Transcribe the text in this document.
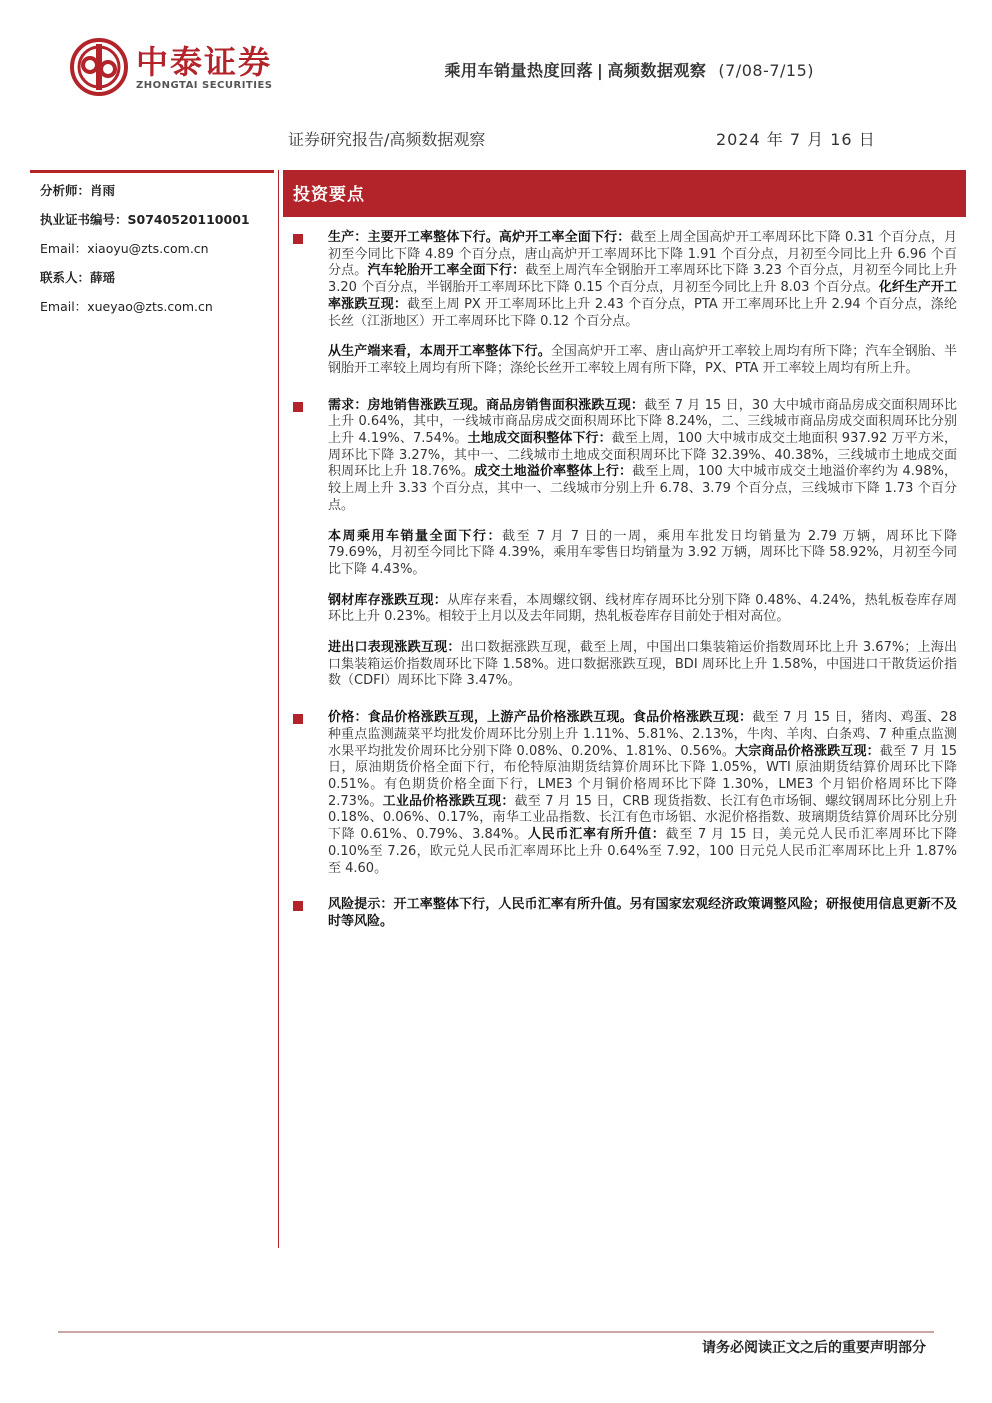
中泰证券
ZHONGTAI SECURITIES
乘用车销量热度回落 | 高频数据观察 (7/08-7/15)
证券研究报告/高频数据观察	2024 年 7 月 16 日
分析师：肖雨
执业证书编号：S0740520110001
Email：xiaoyu@zts.com.cn
联系人：薛瑶
Email：xueyao@zts.com.cn
投资要点

生产：主要开工率整体下行。高炉开工率全面下行：截至上周全国高炉开工率周环比下降 0.31 个百分点，月初至今同比下降 4.89 个百分点，唐山高炉开工率周环比下降 1.91 个百分点，月初至今同比上升 6.96 个百分点。汽车轮胎开工率全面下行：截至上周汽车全钢胎开工率周环比下降 3.23 个百分点，月初至今同比上升 3.20 个百分点，半钢胎开工率周环比下降 0.15 个百分点，月初至今同比上升 8.03 个百分点。化纤生产开工率涨跌互现：截至上周 PX 开工率周环比上升 2.43 个百分点，PTA 开工率周环比上升 2.94 个百分点，涤纶长丝（江浙地区）开工率周环比下降 0.12 个百分点。

从生产端来看，本周开工率整体下行。全国高炉开工率、唐山高炉开工率较上周均有所下降；汽车全钢胎、半钢胎开工率较上周均有所下降；涤纶长丝开工率较上周有所下降，PX、PTA 开工率较上周均有所上升。

需求：房地销售涨跌互现。商品房销售面积涨跌互现：截至 7 月 15 日，30 大中城市商品房成交面积周环比上升 0.64%，其中，一线城市商品房成交面积周环比下降 8.24%，二、三线城市商品房成交面积周环比分别上升 4.19%、7.54%。土地成交面积整体下行：截至上周，100 大中城市成交土地面积 937.92 万平方米，周环比下降 3.27%，其中一、二线城市土地成交面积周环比下降 32.39%、40.38%，三线城市土地成交面积周环比上升 18.76%。成交土地溢价率整体上行：截至上周，100 大中城市成交土地溢价率约为 4.98%，较上周上升 3.33 个百分点，其中一、二线城市分别上升 6.78、3.79 个百分点，三线城市下降 1.73 个百分点。

本周乘用车销量全面下行：截至 7 月 7 日的一周，乘用车批发日均销量为 2.79 万辆，周环比下降 79.69%，月初至今同比下降 4.39%，乘用车零售日均销量为 3.92 万辆，周环比下降 58.92%，月初至今同比下降 4.43%。

钢材库存涨跌互现：从库存来看，本周螺纹钢、线材库存周环比分别下降 0.48%、4.24%，热轧板卷库存周环比上升 0.23%。相较于上月以及去年同期，热轧板卷库存目前处于相对高位。

进出口表现涨跌互现：出口数据涨跌互现，截至上周，中国出口集装箱运价指数周环比上升 3.67%；上海出口集装箱运价指数周环比下降 1.58%。进口数据涨跌互现，BDI 周环比上升 1.58%，中国进口干散货运价指数（CDFI）周环比下降 3.47%。

价格：食品价格涨跌互现，上游产品价格涨跌互现。食品价格涨跌互现：截至 7 月 15 日，猪肉、鸡蛋、28 种重点监测蔬菜平均批发价周环比分别上升 1.11%、5.81%、2.13%，牛肉、羊肉、白条鸡、7 种重点监测水果平均批发价周环比分别下降 0.08%、0.20%、1.81%、0.56%。大宗商品价格涨跌互现：截至 7 月 15 日，原油期货价格全面下行，布伦特原油期货结算价周环比下降 1.05%，WTI 原油期货结算价周环比下降 0.51%。有色期货价格全面下行，LME3 个月铜价格周环比下降 1.30%，LME3 个月铝价格周环比下降 2.73%。工业品价格涨跌互现：截至 7 月 15 日，CRB 现货指数、长江有色市场铜、螺纹钢周环比分别上升 0.18%、0.06%、0.17%，南华工业品指数、长江有色市场铝、水泥价格指数、玻璃期货结算价周环比分别下降 0.61%、0.79%、3.84%。人民币汇率有所升值：截至 7 月 15 日，美元兑人民币汇率周环比下降 0.10%至 7.26，欧元兑人民币汇率周环比上升 0.64%至 7.92，100 日元兑人民币汇率周环比上升 1.87%至 4.60。

风险提示：开工率整体下行，人民币汇率有所升值。另有国家宏观经济政策调整风险；研报使用信息更新不及时等风险。

请务必阅读正文之后的重要声明部分
